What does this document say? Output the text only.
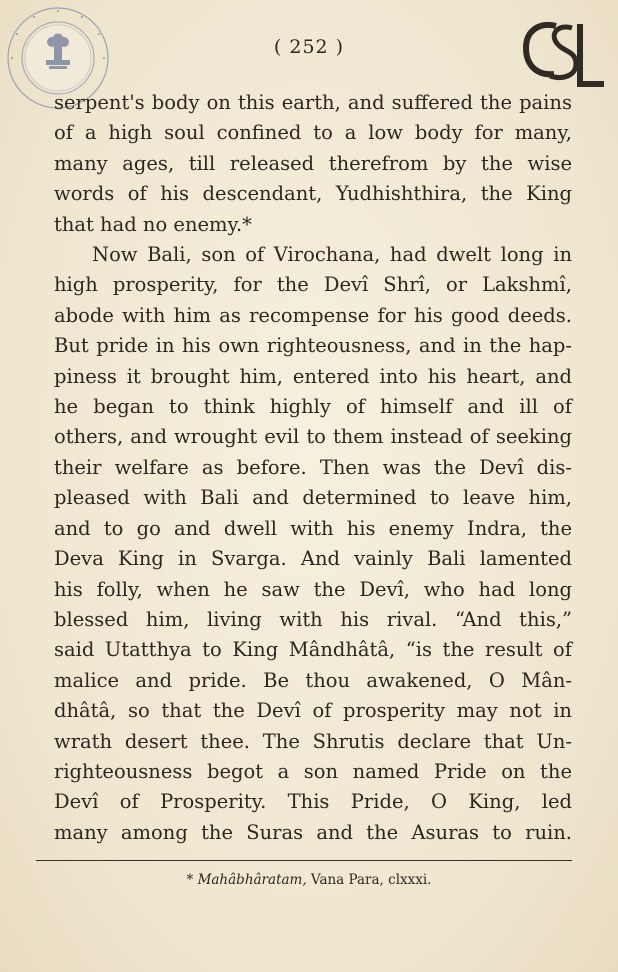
( 252 )
serpent's body on this earth, and suffered the pains
of a high soul confined to a low body for many,
many ages, till released therefrom by the wise
words of his descendant, Yudhishthira, the King
that had no enemy.*
Now Bali, son of Virochana, had dwelt long in
high prosperity, for the Devî Shrî, or Lakshmî,
abode with him as recompense for his good deeds.
But pride in his own righteousness, and in the hap-
piness it brought him, entered into his heart, and
he began to think highly of himself and ill of
others, and wrought evil to them instead of seeking
their welfare as before. Then was the Devî dis-
pleased with Bali and determined to leave him,
and to go and dwell with his enemy Indra, the
Deva King in Svarga. And vainly Bali lamented
his folly, when he saw the Devî, who had long
blessed him, living with his rival. “And this,”
said Utatthya to King Mândhâtâ, “is the result of
malice and pride. Be thou awakened, O Mân-
dhâtâ, so that the Devî of prosperity may not in
wrath desert thee. The Shrutis declare that Un-
righteousness begot a son named Pride on the
Devî of Prosperity. This Pride, O King, led
many among the Suras and the Asuras to ruin.
* Mahâbhâratam, Vana Para, clxxxi.
